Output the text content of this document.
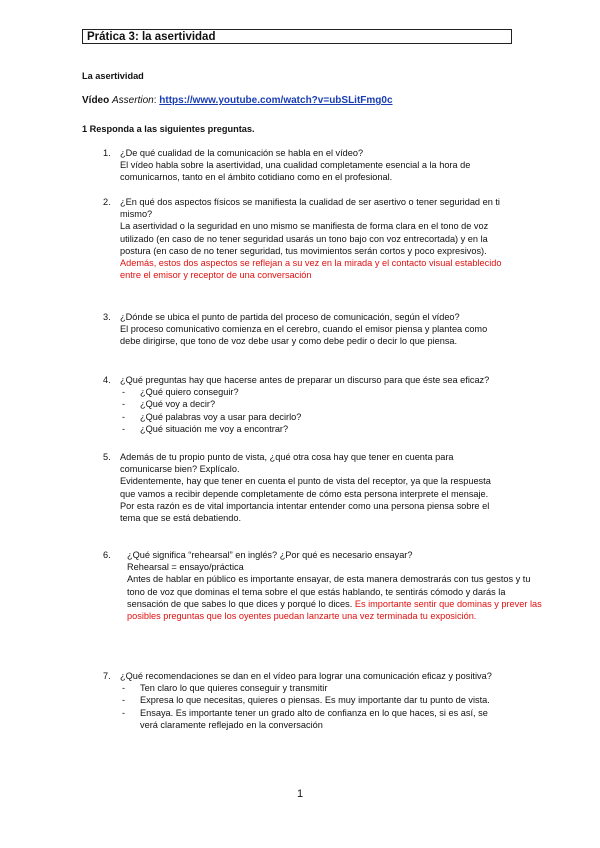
Prática 3: la asertividad
La asertividad
Vídeo Assertion: https://www.youtube.com/watch?v=ubSLitFmg0c
1 Responda a las siguientes preguntas.
1.	¿De qué cualidad de la comunicación se habla en el vídeo?
El vídeo habla sobre la asertividad, una cualidad completamente esencial a la hora de comunicarnos, tanto en el ámbito cotidiano como en el profesional.
2.	¿En qué dos aspectos físicos se manifiesta la cualidad de ser asertivo o tener seguridad en ti mismo?
La asertividad o la seguridad en uno mismo se manifiesta de forma clara en el tono de voz utilizado (en caso de no tener seguridad usarás un tono bajo con voz entrecortada) y en la postura (en caso de no tener seguridad, tus movimientos serán cortos y poco expresivos). Además, estos dos aspectos se reflejan a su vez en la mirada y el contacto visual establecido entre el emisor y receptor de una conversación
3.	¿Dónde se ubica el punto de partida del proceso de comunicación, según el vídeo?
El proceso comunicativo comienza en el cerebro, cuando el emisor piensa y plantea como debe dirigirse, que tono de voz debe usar y como debe pedir o decir lo que piensa.
4.	¿Qué preguntas hay que hacerse antes de preparar un discurso para que éste sea eficaz?
- ¿Qué quiero conseguir?
- ¿Qué voy a decir?
- ¿Qué palabras voy a usar para decirlo?
- ¿Qué situación me voy a encontrar?
5.	Además de tu propio punto de vista, ¿qué otra cosa hay que tener en cuenta para comunicarse bien? Explícalo.
Evidentemente, hay que tener en cuenta el punto de vista del receptor, ya que la respuesta que vamos a recibir depende completamente de cómo esta persona interprete el mensaje. Por esta razón es de vital importancia intentar entender como una persona piensa sobre el tema que se está debatiendo.
6.	¿Qué significa “rehearsal” en inglés? ¿Por qué es necesario ensayar?
Rehearsal = ensayo/práctica
Antes de hablar en público es importante ensayar, de esta manera demostrarás con tus gestos y tu tono de voz que dominas el tema sobre el que estás hablando, te sentirás cómodo y darás la sensación de que sabes lo que dices y porqué lo dices. Es importante sentir que dominas y prever las posibles preguntas que los oyentes puedan lanzarte una vez terminada tu exposición.
7.	¿Qué recomendaciones se dan en el vídeo para lograr una comunicación eficaz y positiva?
- Ten claro lo que quieres conseguir y transmitir
- Expresa lo que necesitas, quieres o piensas. Es muy importante dar tu punto de vista.
- Ensaya. Es importante tener un grado alto de confianza en lo que haces, si es así, se verá claramente reflejado en la conversación
1
